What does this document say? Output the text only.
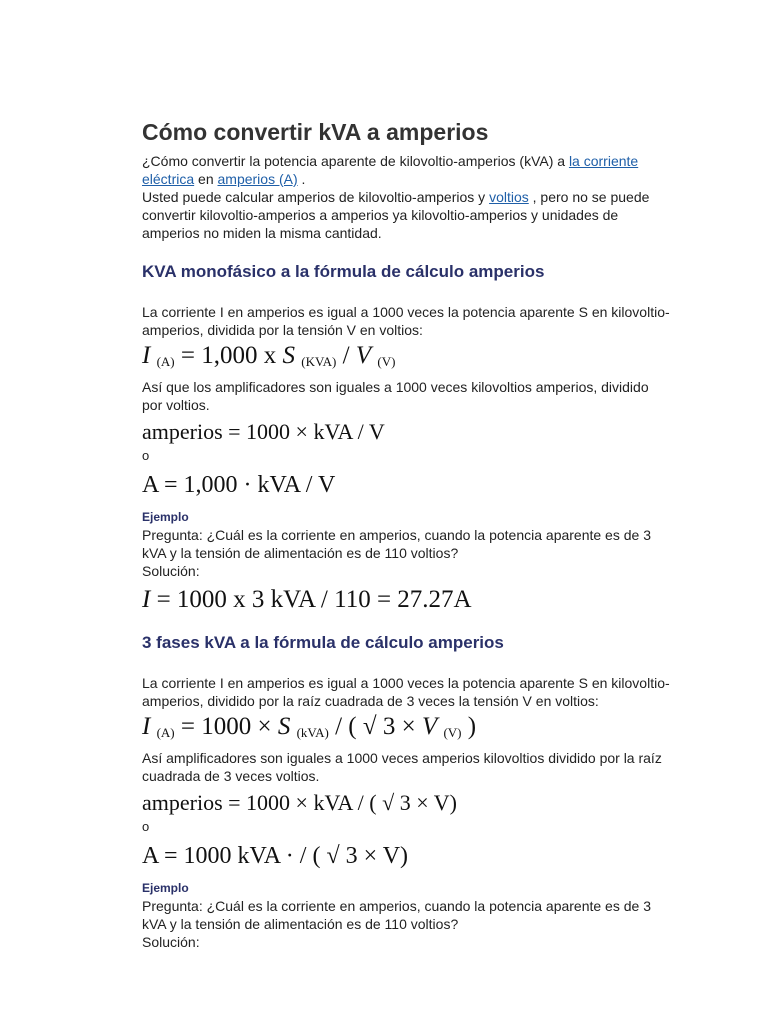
Cómo convertir kVA a amperios

¿Cómo convertir la potencia aparente de kilovoltio-amperios (kVA) a la corriente eléctrica en amperios (A) .

Usted puede calcular amperios de kilovoltio-amperios y voltios , pero no se puede convertir kilovoltio-amperios a amperios ya kilovoltio-amperios y unidades de amperios no miden la misma cantidad.

KVA monofásico a la fórmula de cálculo amperios

La corriente I en amperios es igual a 1000 veces la potencia aparente S en kilovoltio-amperios, dividida por la tensión V en voltios:

I $_{(A)}$ = 1,000 x S $_{(KVA)}$ / V $_{(V)}$

Así que los amplificadores son iguales a 1000 veces kilovoltios amperios, dividido por voltios.

amperios = 1000 × kVA / V
o
A = 1,000 · kVA / V
Ejemplo

Pregunta: ¿Cuál es la corriente en amperios, cuando la potencia aparente es de 3 kVA y la tensión de alimentación es de 110 voltios?

Solución:

I = 1000 x 3 kVA / 110 = 27.27A
3 fases kVA a la fórmula de cálculo amperios

La corriente I en amperios es igual a 1000 veces la potencia aparente S en kilovoltio-amperios, dividido por la raíz cuadrada de 3 veces la tensión V en voltios:

I $_{(A)}$ = 1000 × S $_{(kVA)}$ / ( √ 3 × V $_{(V)}$ )

Así amplificadores son iguales a 1000 veces amperios kilovoltios dividido por la raíz cuadrada de 3 veces voltios.

amperios = 1000 × kVA / ( √ 3 × V)
o
A = 1000 kVA · / ( √ 3 × V)
Ejemplo

Pregunta: ¿Cuál es la corriente en amperios, cuando la potencia aparente es de 3 kVA y la tensión de alimentación es de 110 voltios?

Solución:
